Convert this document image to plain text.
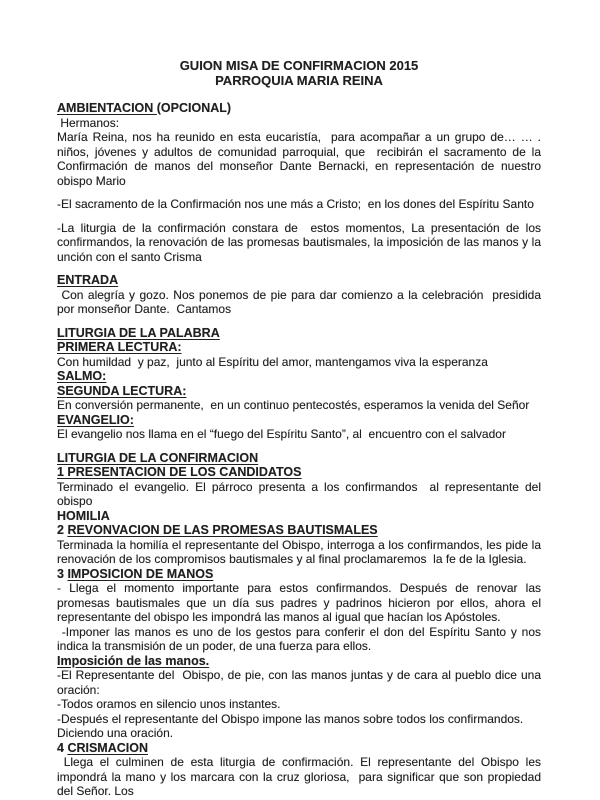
GUION MISA DE CONFIRMACION 2015
PARROQUIA MARIA REINA
AMBIENTACION (OPCIONAL)
Hermanos:
María Reina, nos ha reunido en esta eucaristía,  para acompañar a un grupo de… … . niños, jóvenes y adultos de comunidad parroquial, que  recibirán el sacramento de la Confirmación de manos del monseñor Dante Bernacki, en representación de nuestro obispo Mario
-El sacramento de la Confirmación nos une más a Cristo;  en los dones del Espíritu Santo
-La liturgia de la confirmación constara de  estos momentos, La presentación de los confirmandos, la renovación de las promesas bautismales, la imposición de las manos y la unción con el santo Crisma
ENTRADA
Con alegría y gozo. Nos ponemos de pie para dar comienzo a la celebración  presidida por monseñor Dante.  Cantamos
LITURGIA DE LA PALABRA
PRIMERA LECTURA:
Con humildad  y paz,  junto al Espíritu del amor, mantengamos viva la esperanza
SALMO:
SEGUNDA LECTURA:
En conversión permanente,  en un continuo pentecostés, esperamos la venida del Señor
EVANGELIO:
El evangelio nos llama en el “fuego del Espíritu Santo”, al  encuentro con el salvador
LITURGIA DE LA CONFIRMACION
1 PRESENTACION DE LOS CANDIDATOS
Terminado el evangelio. El párroco presenta a los confirmandos  al representante del obispo
HOMILIA
2 REVONVACION DE LAS PROMESAS BAUTISMALES
Terminada la homilía el representante del Obispo, interroga a los confirmandos, les pide la renovación de los compromisos bautismales y al final proclamaremos  la fe de la Iglesia.
3 IMPOSICION DE MANOS
- Llega el momento importante para estos confirmandos. Después de renovar las promesas bautismales que un día sus padres y padrinos hicieron por ellos, ahora el representante del obispo les impondrá las manos al igual que hacían los Apóstoles.
-Imponer las manos es uno de los gestos para conferir el don del Espíritu Santo y nos indica la transmisión de un poder, de una fuerza para ellos.
Imposición de las manos.
-El Representante del  Obispo, de pie, con las manos juntas y de cara al pueblo dice una oración:
-Todos oramos en silencio unos instantes.
-Después el representante del Obispo impone las manos sobre todos los confirmandos.
Diciendo una oración.
4 CRISMACION
Llega el culminen de esta liturgia de confirmación. El representante del Obispo les impondrá la mano y los marcara con la cruz gloriosa,  para significar que son propiedad del Señor. Los
